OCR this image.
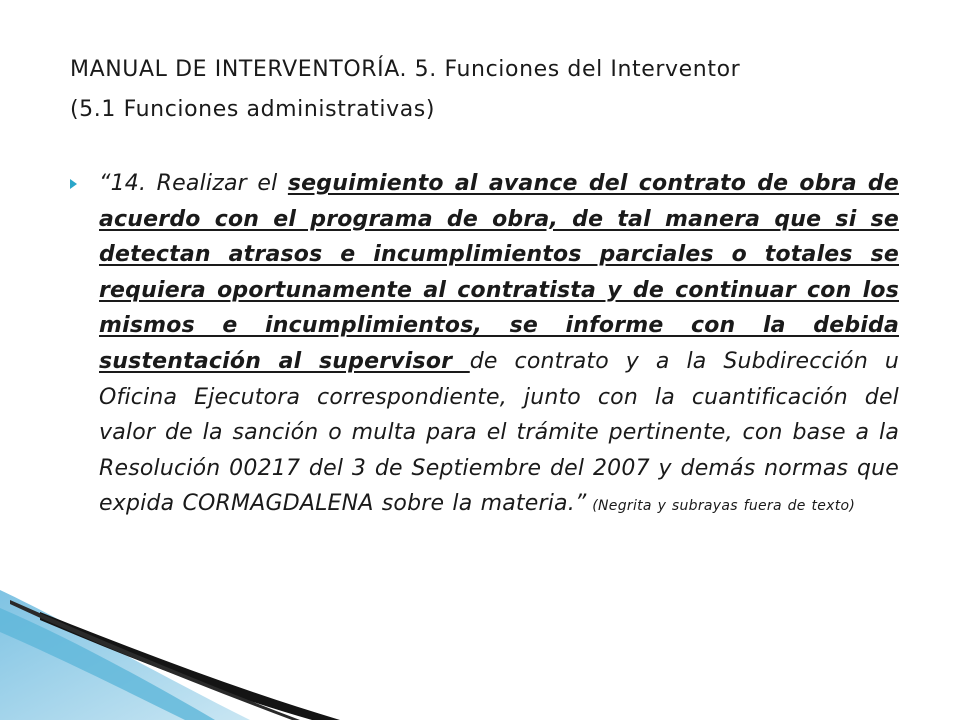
MANUAL DE INTERVENTORÍA. 5. Funciones del Interventor
(5.1 Funciones administrativas)
“14. Realizar el seguimiento al avance del contrato de obra de acuerdo con el programa de obra, de tal manera que si se detectan atrasos e incumplimientos parciales o totales se requiera oportunamente al contratista y de continuar con los mismos e incumplimientos, se informe con la debida sustentación al supervisor de contrato y a la Subdirección u Oficina Ejecutora correspondiente, junto con la cuantificación del valor de la sanción o multa para el trámite pertinente, con base a la Resolución 00217 del 3 de Septiembre del 2007 y demás normas que expida CORMAGDALENA sobre la materia.” (Negrita y subrayas fuera de texto)
